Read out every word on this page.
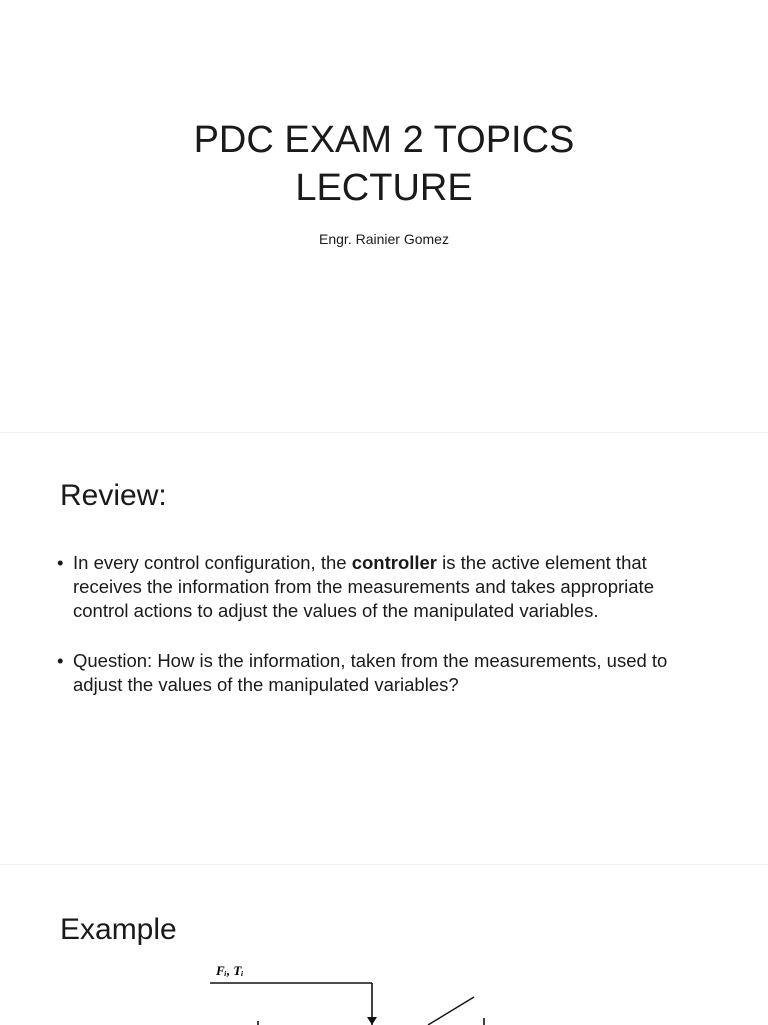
PDC EXAM 2 TOPICS
LECTURE
Engr. Rainier Gomez
Review:
• In every control configuration, the controller is the active element that receives the information from the measurements and takes appropriate control actions to adjust the values of the manipulated variables.
• Question: How is the information, taken from the measurements, used to adjust the values of the manipulated variables?
Example
Fᵢ, Tᵢ
